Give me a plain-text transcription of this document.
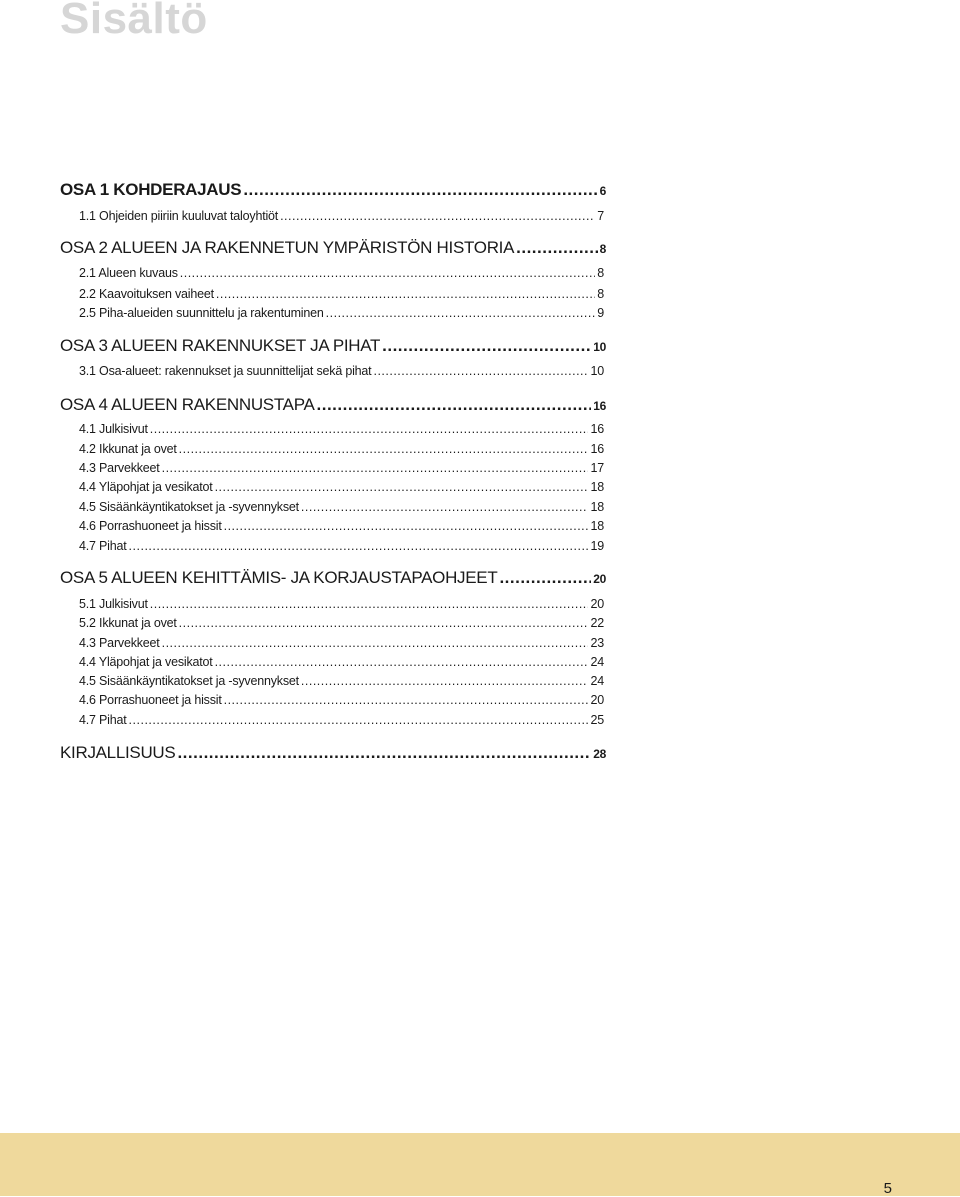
Sisältö
OSA 1 KOHDERAJAUS .....	6
1.1 Ohjeiden piiriin kuuluvat taloyhtiöt .....	7
OSA 2 ALUEEN JA RAKENNETUN YMPÄRISTÖN HISTORIA .....	8
2.1 Alueen kuvaus .....	8
2.2 Kaavoituksen vaiheet .....	8
2.5 Piha-alueiden suunnittelu ja rakentuminen .....	9
OSA 3 ALUEEN RAKENNUKSET JA PIHAT .....	10
3.1 Osa-alueet: rakennukset ja suunnittelijat sekä pihat .....	10
OSA 4 ALUEEN RAKENNUSTAPA .....	16
4.1 Julkisivut .....	16
4.2 Ikkunat ja ovet .....	16
4.3 Parvekkeet .....	17
4.4 Yläpohjat ja vesikatot .....	18
4.5 Sisäänkäyntikatokset ja -syvennykset .....	18
4.6 Porrashuoneet ja hissit .....	18
4.7 Pihat .....	19
OSA 5 ALUEEN KEHITTÄMIS- JA KORJAUSTAPAOHJEET .....	20
5.1 Julkisivut .....	20
5.2 Ikkunat ja ovet .....	22
4.3 Parvekkeet .....	23
4.4 Yläpohjat ja vesikatot .....	24
4.5 Sisäänkäyntikatokset ja -syvennykset .....	24
4.6 Porrashuoneet ja hissit .....	20
4.7 Pihat .....	25
KIRJALLISUUS .....	28
5
